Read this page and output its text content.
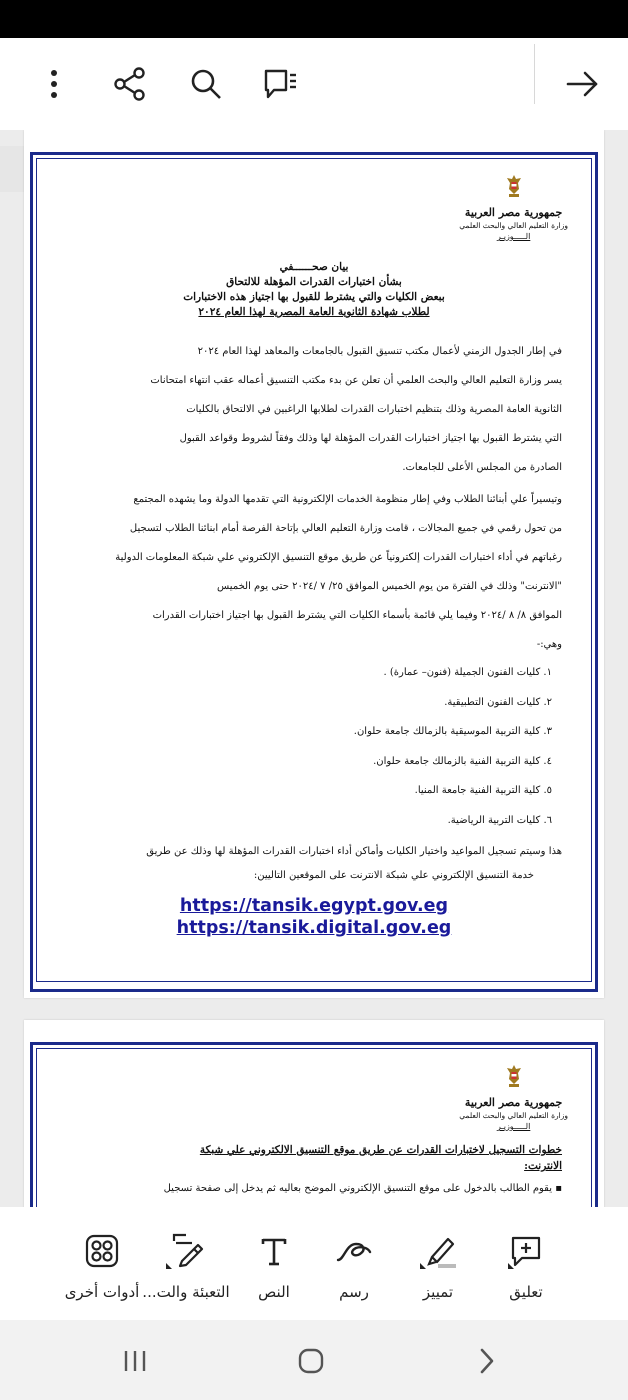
جمهورية مصر العربية
وزارة التعليم العالي والبحث العلمي
الـــــوزيـر
بيان صحــــــفي
بشأن اختبارات القدرات المؤهلة للالتحاق
ببعض الكليات والتي يشترط للقبول بها اجتياز هذه الاختبارات
لطلاب شهادة الثانوية العامة المصرية لهذا العام ٢٠٢٤
في إطار الجدول الزمني لأعمال مكتب تنسيق القبول بالجامعات والمعاهد لهذا العام ٢٠٢٤
يسر وزارة التعليم العالي والبحث العلمي أن تعلن عن بدء مكتب التنسيق أعماله عقب انتهاء امتحانات
الثانوية العامة المصرية وذلك بتنظيم اختبارات القدرات لطلابها الراغبين في الالتحاق بالكليات
التي يشترط القبول بها اجتياز اختبارات القدرات المؤهلة لها وذلك وفقاً لشروط وقواعد القبول
الصادرة من المجلس الأعلى للجامعات.
وتيسيراً علي أبنائنا الطلاب وفي إطار منظومة الخدمات الإلكترونية التي تقدمها الدولة وما يشهده المجتمع
من تحول رقمي في جميع المجالات ، قامت وزارة التعليم العالي بإتاحة الفرصة أمام ابنائنا الطلاب لتسجيل
رغباتهم في أداء اختبارات القدرات إلكترونياً عن طريق موقع التنسيق الإلكتروني علي شبكة المعلومات الدولية
"الانترنت" وذلك في الفترة من يوم الخميس الموافق ٢٥/ ٧ /٢٠٢٤ حتى يوم الخميس
الموافق ٨/ ٨ /٢٠٢٤ وفيما يلي قائمة بأسماء الكليات التي يشترط القبول بها اجتياز اختبارات القدرات
وهي:-
١. كليات الفنون الجميلة (فنون– عمارة) .
٢. كليات الفنون التطبيقية.
٣. كلية التربية الموسيقية بالزمالك جامعة حلوان.
٤. كلية التربية الفنية بالزمالك جامعة حلوان.
٥. كلية التربية الفنية جامعة المنيا.
٦. كليات التربية الرياضية.
هذا وسيتم تسجيل المواعيد واختيار الكليات وأماكن أداء اختبارات القدرات المؤهلة لها وذلك عن طريق
خدمة التنسيق الإلكتروني علي شبكة الانترنت على الموقعين التاليين:
https://tansik.egypt.gov.eg
https://tansik.digital.gov.eg
جمهورية مصر العربية
وزارة التعليم العالي والبحث العلمي
الـــــوزيـر
خطوات التسجيل لاختبارات القدرات عن طريق موقع التنسيق الالكتروني علي شبكة
الانترنت:
▪ يقوم الطالب بالدخول على موقع التنسيق الإلكتروني الموضح بعاليه ثم يدخل إلى صفحة تسجيل
تعليق
تمييز
رسم
النص
التعبئة والت...
أدوات أخرى
